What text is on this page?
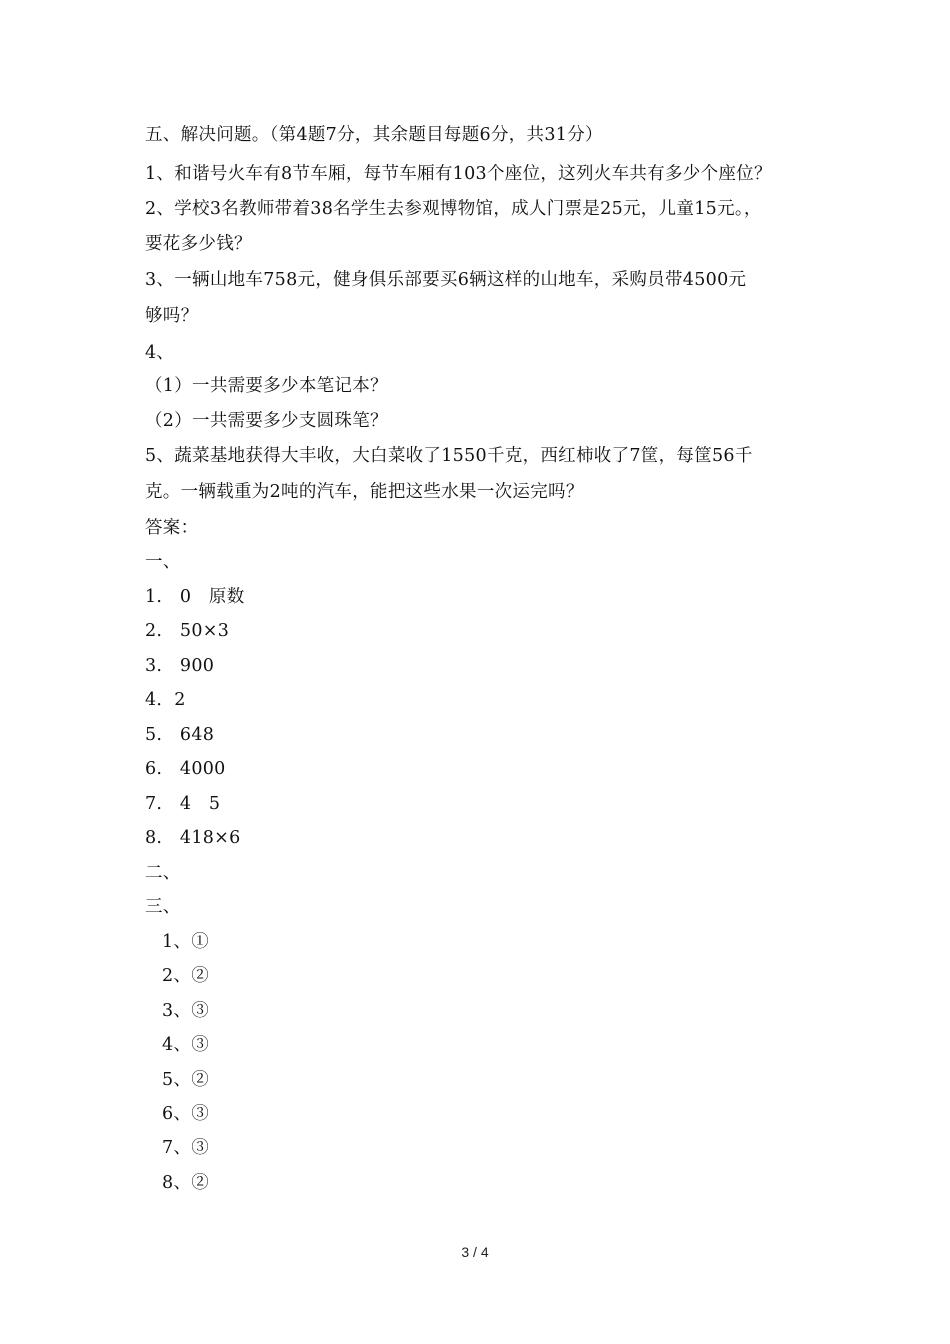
五、解决问题。（第4题7分，其余题目每题6分，共31分）
1、和谐号火车有8节车厢，每节车厢有103个座位，这列火车共有多少个座位？
2、学校3名教师带着38名学生去参观博物馆，成人门票是25元，儿童15元。，
要花多少钱？
3、一辆山地车758元，健身俱乐部要买6辆这样的山地车，采购员带4500元
够吗？
4、
（1）一共需要多少本笔记本？
（2）一共需要多少支圆珠笔？
5、蔬菜基地获得大丰收，大白菜收了1550千克，西红柿收了7筐，每筐56千
克。一辆载重为2吨的汽车，能把这些水果一次运完吗？
答案：
一、
1.   0   原数
2.   50×3
3.   900
4．2
5.   648
6.   4000
7.   4   5
8.   418×6
二、
三、
1、①
2、②
3、③
4、③
5、②
6、③
7、③
8、②
3 / 4
